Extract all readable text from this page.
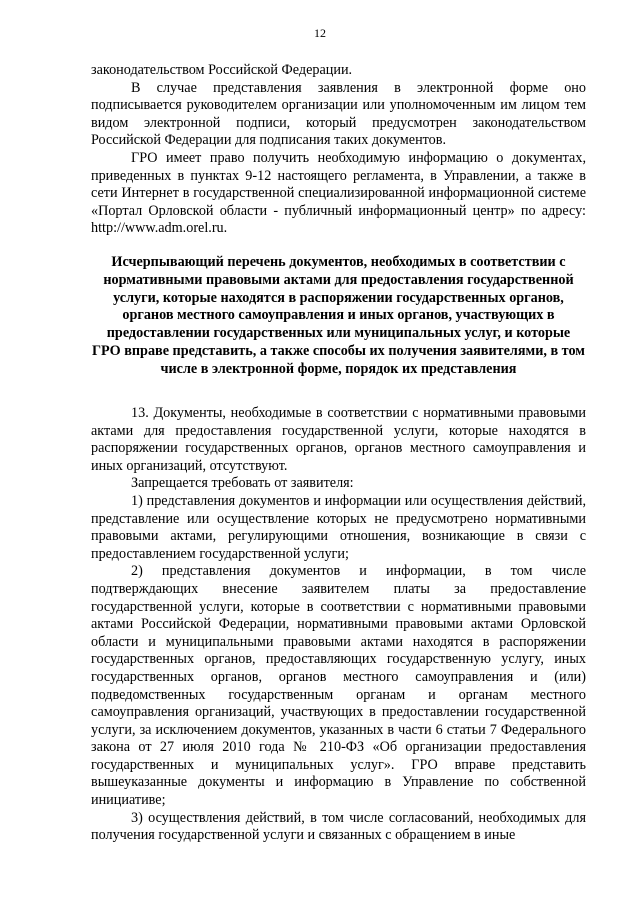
12

законодательством Российской Федерации.

В случае представления заявления в электронной форме оно подписывается руководителем организации или уполномоченным им лицом тем видом электронной подписи, который предусмотрен законодательством Российской Федерации для подписания таких документов.

ГРО имеет право получить необходимую информацию о документах, приведенных в пунктах 9-12 настоящего регламента, в Управлении, а также в сети Интернет в государственной специализированной информационной системе «Портал Орловской области - публичный информационный центр» по адресу: http://www.adm.orel.ru.

Исчерпывающий перечень документов, необходимых в соответствии с нормативными правовыми актами для предоставления государственной услуги, которые находятся в распоряжении государственных органов, органов местного самоуправления и иных органов, участвующих в предоставлении государственных или муниципальных услуг, и которые ГРО вправе представить, а также способы их получения заявителями, в том числе в электронной форме, порядок их представления

13. Документы, необходимые в соответствии с нормативными правовыми актами для предоставления государственной услуги, которые находятся в распоряжении государственных органов, органов местного самоуправления и иных организаций, отсутствуют.

Запрещается требовать от заявителя:

1) представления документов и информации или осуществления действий, представление или осуществление которых не предусмотрено нормативными правовыми актами, регулирующими отношения, возникающие в связи с предоставлением государственной услуги;

2) представления документов и информации, в том числе подтверждающих внесение заявителем платы за предоставление государственной услуги, которые в соответствии с нормативными правовыми актами Российской Федерации, нормативными правовыми актами Орловской области и муниципальными правовыми актами находятся в распоряжении государственных органов, предоставляющих государственную услугу, иных государственных органов, органов местного самоуправления и (или) подведомственных государственным органам и органам местного самоуправления организаций, участвующих в предоставлении государственной услуги, за исключением документов, указанных в части 6 статьи 7 Федерального закона от 27 июля 2010 года № 210-ФЗ «Об организации предоставления государственных и муниципальных услуг». ГРО вправе представить вышеуказанные документы и информацию в Управление по собственной инициативе;

3) осуществления действий, в том числе согласований, необходимых для получения государственной услуги и связанных с обращением в иные
